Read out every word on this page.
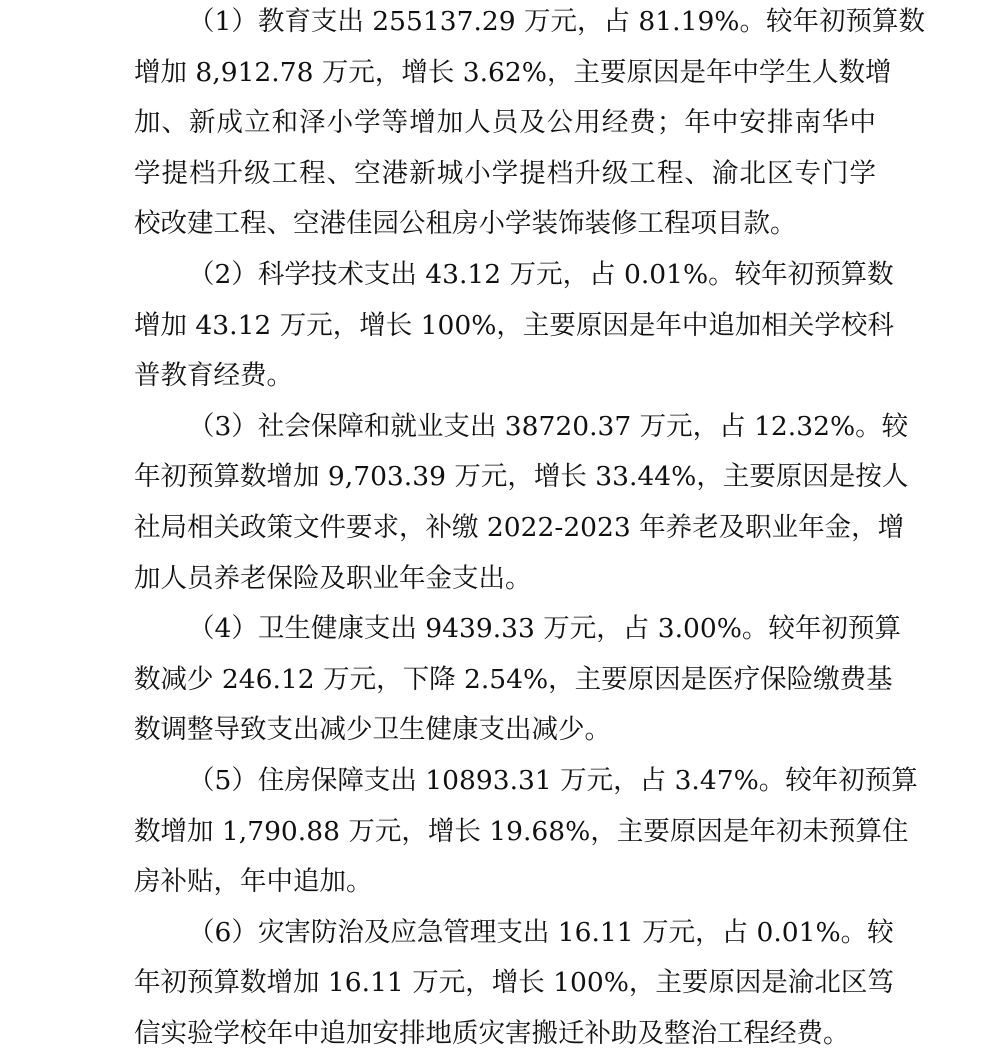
（1）教育支出 255137.29 万元，占 81.19%。较年初预算数
增加 8,912.78 万元，增长 3.62%，主要原因是年中学生人数增
加、新成立和泽小学等增加人员及公用经费；年中安排南华中
学提档升级工程、空港新城小学提档升级工程、渝北区专门学
校改建工程、空港佳园公租房小学装饰装修工程项目款。
（2）科学技术支出 43.12 万元，占 0.01%。较年初预算数
增加 43.12 万元，增长 100%，主要原因是年中追加相关学校科
普教育经费。
（3）社会保障和就业支出 38720.37 万元，占 12.32%。较
年初预算数增加 9,703.39 万元，增长 33.44%，主要原因是按人
社局相关政策文件要求，补缴 2022-2023 年养老及职业年金，增
加人员养老保险及职业年金支出。
（4）卫生健康支出 9439.33 万元，占 3.00%。较年初预算
数减少 246.12 万元，下降 2.54%，主要原因是医疗保险缴费基
数调整导致支出减少卫生健康支出减少。
（5）住房保障支出 10893.31 万元，占 3.47%。较年初预算
数增加 1,790.88 万元，增长 19.68%，主要原因是年初未预算住
房补贴，年中追加。
（6）灾害防治及应急管理支出 16.11 万元，占 0.01%。较
年初预算数增加 16.11 万元，增长 100%，主要原因是渝北区笃
信实验学校年中追加安排地质灾害搬迁补助及整治工程经费。
